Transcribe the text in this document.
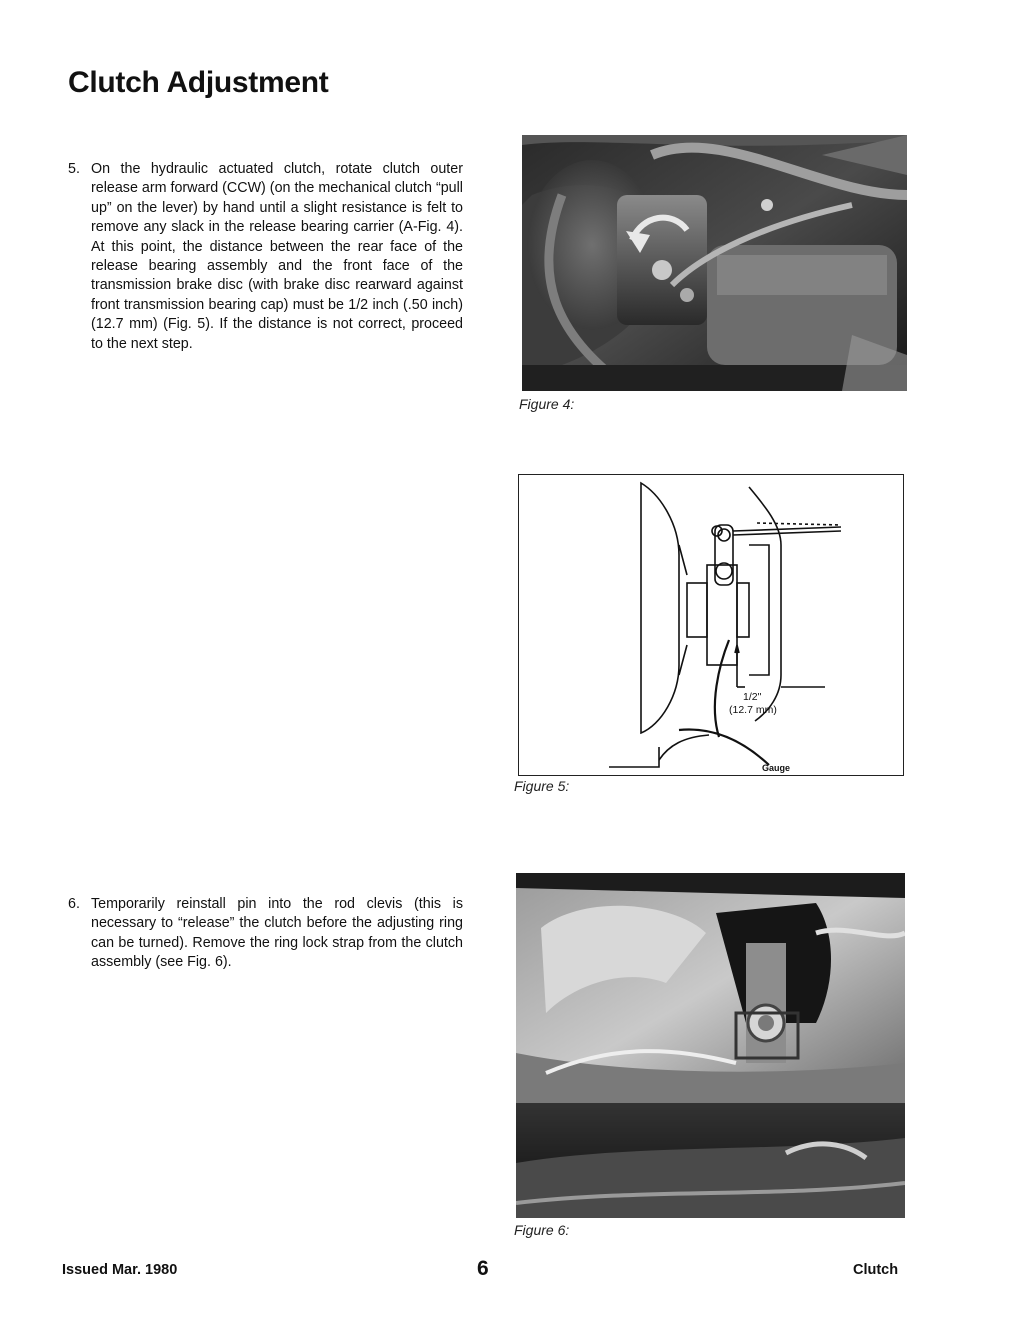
Clutch Adjustment
5. On the hydraulic actuated clutch, rotate clutch outer release arm forward (CCW) (on the mechanical clutch “pull up” on the lever) by hand until a slight resistance is felt to remove any slack in the release bearing carrier (A-Fig. 4). At this point, the distance between the rear face of the release bearing assembly and the front face of the transmission brake disc (with brake disc rearward against front transmission bearing cap) must be 1/2 inch (.50 inch) (12.7 mm) (Fig. 5). If the distance is not correct, proceed to the next step.
6. Temporarily reinstall pin into the rod clevis (this is necessary to “release” the clutch before the adjusting ring can be turned). Remove the ring lock strap from the clutch assembly (see Fig. 6).
Figure 4:
1/2"
(12.7 mm)
Gauge
Figure 5:
Figure 6:
Issued Mar. 1980	6	Clutch
